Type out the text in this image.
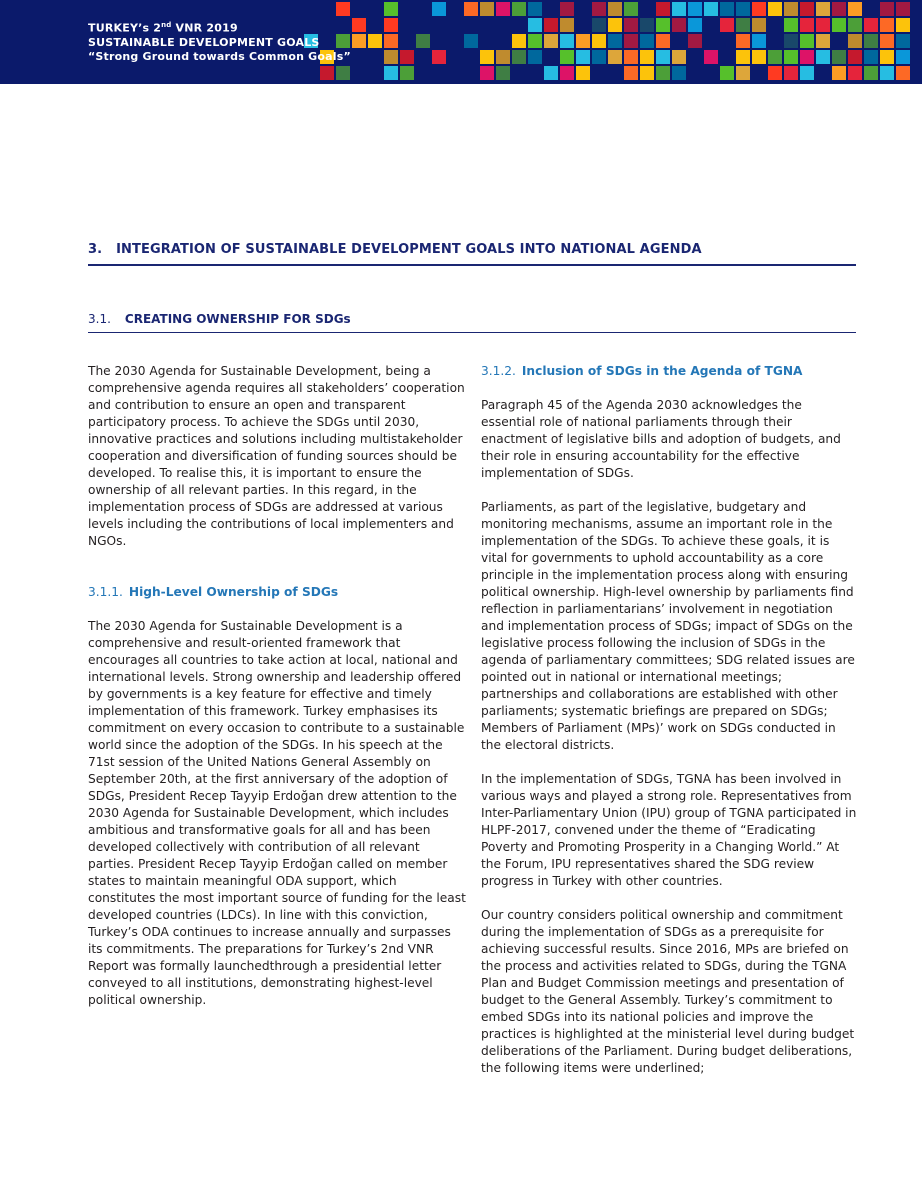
TURKEY’s 2nd VNR 2019
SUSTAINABLE DEVELOPMENT GOALS
“Strong Ground towards Common Goals”
3. INTEGRATION OF SUSTAINABLE DEVELOPMENT GOALS INTO NATIONAL AGENDA
3.1. CREATING OWNERSHIP FOR SDGs

The 2030 Agenda for Sustainable Development, being a comprehensive agenda requires all stakeholders’ cooperation and contribution to ensure an open and transparent participatory process. To achieve the SDGs until 2030, innovative practices and solutions including multistakeholder cooperation and diversification of funding sources should be developed. To realise this, it is important to ensure the ownership of all relevant parties. In this regard, in the implementation process of SDGs are addressed at various levels including the contributions of local implementers and NGOs.

3.1.1. High-Level Ownership of SDGs

The 2030 Agenda for Sustainable Development is a comprehensive and result-oriented framework that encourages all countries to take action at local, national and international levels. Strong ownership and leadership offered by governments is a key feature for effective and timely implementation of this framework. Turkey emphasises its commitment on every occasion to contribute to a sustainable world since the adoption of the SDGs. In his speech at the 71st session of the United Nations General Assembly on September 20th, at the first anniversary of the adoption of SDGs, President Recep Tayyip Erdoğan drew attention to the 2030 Agenda for Sustainable Development, which includes ambitious and transformative goals for all and has been developed collectively with contribution of all relevant parties. President Recep Tayyip Erdoğan called on member states to maintain meaningful ODA support, which constitutes the most important source of funding for the least developed countries (LDCs). In line with this conviction, Turkey’s ODA continues to increase annually and surpasses its commitments. The preparations for Turkey’s 2nd VNR Report was formally launchedthrough a presidential letter conveyed to all institutions, demonstrating highest-level political ownership.

3.1.2. Inclusion of SDGs in the Agenda of TGNA

Paragraph 45 of the Agenda 2030 acknowledges the essential role of national parliaments through their enactment of legislative bills and adoption of budgets, and their role in ensuring accountability for the effective implementation of SDGs.

Parliaments, as part of the legislative, budgetary and monitoring mechanisms, assume an important role in the implementation of the SDGs. To achieve these goals, it is vital for governments to uphold accountability as a core principle in the implementation process along with ensuring political ownership. High-level ownership by parliaments find reflection in parliamentarians’ involvement in negotiation and implementation process of SDGs; impact of SDGs on the legislative process following the inclusion of SDGs in the agenda of parliamentary committees; SDG related issues are pointed out in national or international meetings; partnerships and collaborations are established with other parliaments; systematic briefings are prepared on SDGs; Members of Parliament (MPs)’ work on SDGs conducted in the electoral districts.

In the implementation of SDGs, TGNA has been involved in various ways and played a strong role. Representatives from Inter-Parliamentary Union (IPU) group of TGNA participated in HLPF-2017, convened under the theme of “Eradicating Poverty and Promoting Prosperity in a Changing World.” At the Forum, IPU representatives shared the SDG review progress in Turkey with other countries.

Our country considers political ownership and commitment during the implementation of SDGs as a prerequisite for achieving successful results. Since 2016, MPs are briefed on the process and activities related to SDGs, during the TGNA Plan and Budget Commission meetings and presentation of budget to the General Assembly. Turkey’s commitment to embed SDGs into its national policies and improve the practices is highlighted at the ministerial level during budget deliberations of the Parliament. During budget deliberations, the following items were underlined;
